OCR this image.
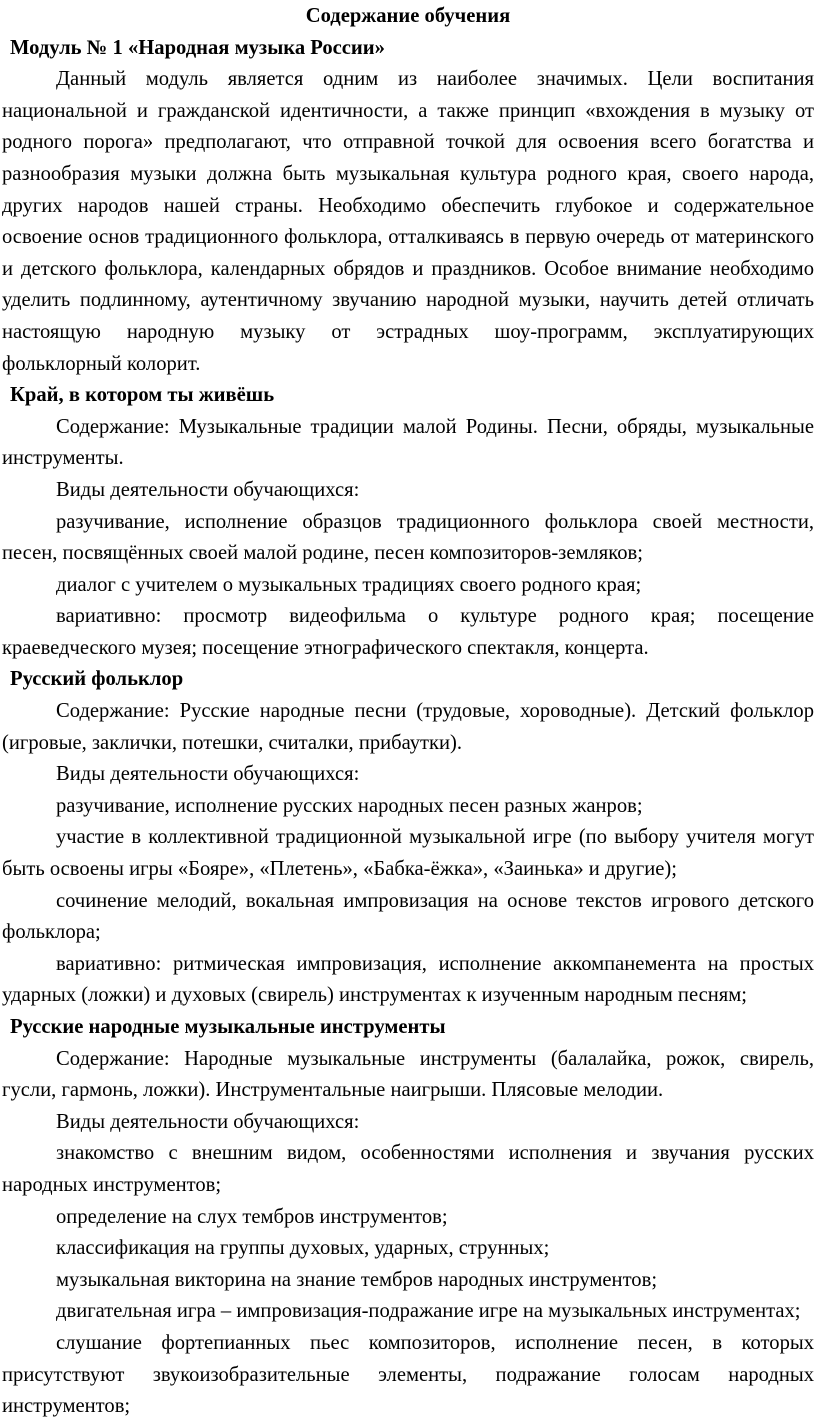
Содержание обучения
Модуль № 1 «Народная музыка России»

Данный модуль является одним из наиболее значимых. Цели воспитания национальной и гражданской идентичности, а также принцип «вхождения в музыку от родного порога» предполагают, что отправной точкой для освоения всего богатства и разнообразия музыки должна быть музыкальная культура родного края, своего народа, других народов нашей страны. Необходимо обеспечить глубокое и содержательное освоение основ традиционного фольклора, отталкиваясь в первую очередь от материнского и детского фольклора, календарных обрядов и праздников. Особое внимание необходимо уделить подлинному, аутентичному звучанию народной музыки, научить детей отличать настоящую народную музыку от эстрадных шоу-программ, эксплуатирующих фольклорный колорит.

Край, в котором ты живёшь

Содержание: Музыкальные традиции малой Родины. Песни, обряды, музыкальные инструменты.

Виды деятельности обучающихся:

разучивание, исполнение образцов традиционного фольклора своей местности, песен, посвящённых своей малой родине, песен композиторов-земляков;

диалог с учителем о музыкальных традициях своего родного края;

вариативно: просмотр видеофильма о культуре родного края; посещение краеведческого музея; посещение этнографического спектакля, концерта.

Русский фольклор

Содержание: Русские народные песни (трудовые, хороводные). Детский фольклор (игровые, заклички, потешки, считалки, прибаутки).

Виды деятельности обучающихся:

разучивание, исполнение русских народных песен разных жанров;

участие в коллективной традиционной музыкальной игре (по выбору учителя могут быть освоены игры «Бояре», «Плетень», «Бабка-ёжка», «Заинька» и другие);

сочинение мелодий, вокальная импровизация на основе текстов игрового детского фольклора;

вариативно: ритмическая импровизация, исполнение аккомпанемента на простых ударных (ложки) и духовых (свирель) инструментах к изученным народным песням;

Русские народные музыкальные инструменты

Содержание: Народные музыкальные инструменты (балалайка, рожок, свирель, гусли, гармонь, ложки). Инструментальные наигрыши. Плясовые мелодии.

Виды деятельности обучающихся:

знакомство с внешним видом, особенностями исполнения и звучания русских народных инструментов;

определение на слух тембров инструментов;

классификация на группы духовых, ударных, струнных;

музыкальная викторина на знание тембров народных инструментов;

двигательная игра – импровизация-подражание игре на музыкальных инструментах;

слушание фортепианных пьес композиторов, исполнение песен, в которых присутствуют звукоизобразительные элементы, подражание голосам народных инструментов;
